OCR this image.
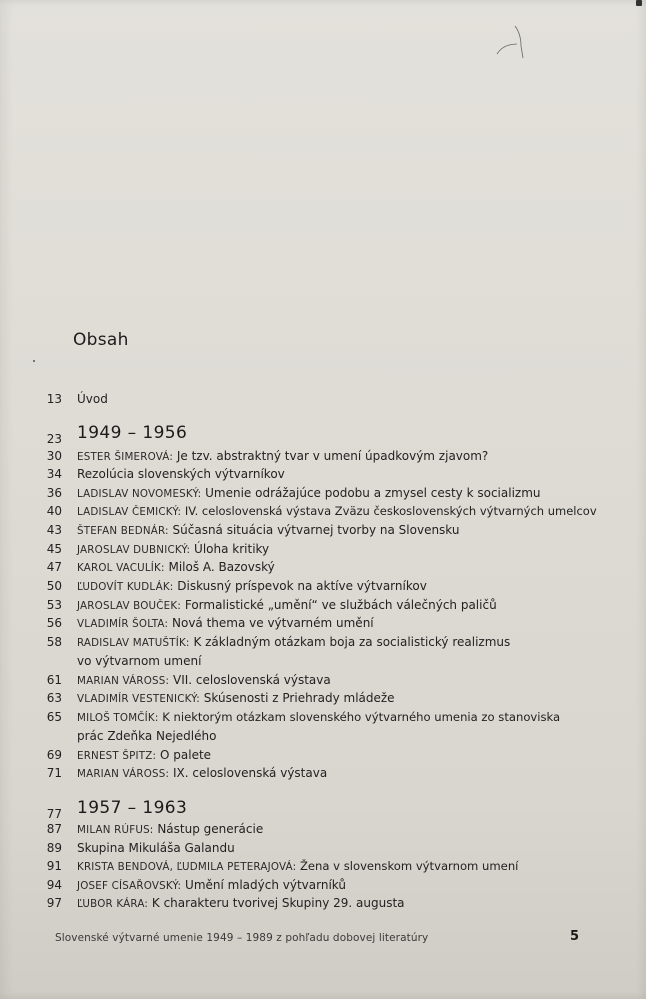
Obsah
13 Úvod
23 1949 – 1956
30 ESTER ŠIMEROVÁ: Je tzv. abstraktný tvar v umení úpadkovým zjavom?
34 Rezolúcia slovenských výtvarníkov
36 LADISLAV NOVOMESKÝ: Umenie odrážajúce podobu a zmysel cesty k socializmu
40 LADISLAV ČEMICKÝ: IV. celoslovenská výstava Zväzu československých výtvarných umelcov
43 ŠTEFAN BEDNÁR: Súčasná situácia výtvarnej tvorby na Slovensku
45 JAROSLAV DUBNICKÝ: Úloha kritiky
47 KAROL VACULÍK: Miloš A. Bazovský
50 ĽUDOVÍT KUDLÁK: Diskusný príspevok na aktíve výtvarníkov
53 JAROSLAV BOUČEK: Formalistické „umění“ ve službách válečných paličů
56 VLADIMÍR ŠOLTA: Nová thema ve výtvarném umění
58 RADISLAV MATUŠTÍK: K základným otázkam boja za socialistický realizmus
vo výtvarnom umení
61 MARIAN VÁROSS: VII. celoslovenská výstava
63 VLADIMÍR VESTENICKÝ: Skúsenosti z Priehrady mládeže
65 MILOŠ TOMČÍK: K niektorým otázkam slovenského výtvarného umenia zo stanoviska
prác Zdeňka Nejedlého
69 ERNEST ŠPITZ: O palete
71 MARIAN VÁROSS: IX. celoslovenská výstava
77 1957 – 1963
87 MILAN RÚFUS: Nástup generácie
89 Skupina Mikuláša Galandu
91 KRISTA BENDOVÁ, ĽUDMILA PETERAJOVÁ: Žena v slovenskom výtvarnom umení
94 JOSEF CÍSAŘOVSKÝ: Umění mladých výtvarníků
97 ĽUBOR KÁRA: K charakteru tvorivej Skupiny 29. augusta
Slovenské výtvarné umenie 1949 – 1989 z pohľadu dobovej literatúry	5
